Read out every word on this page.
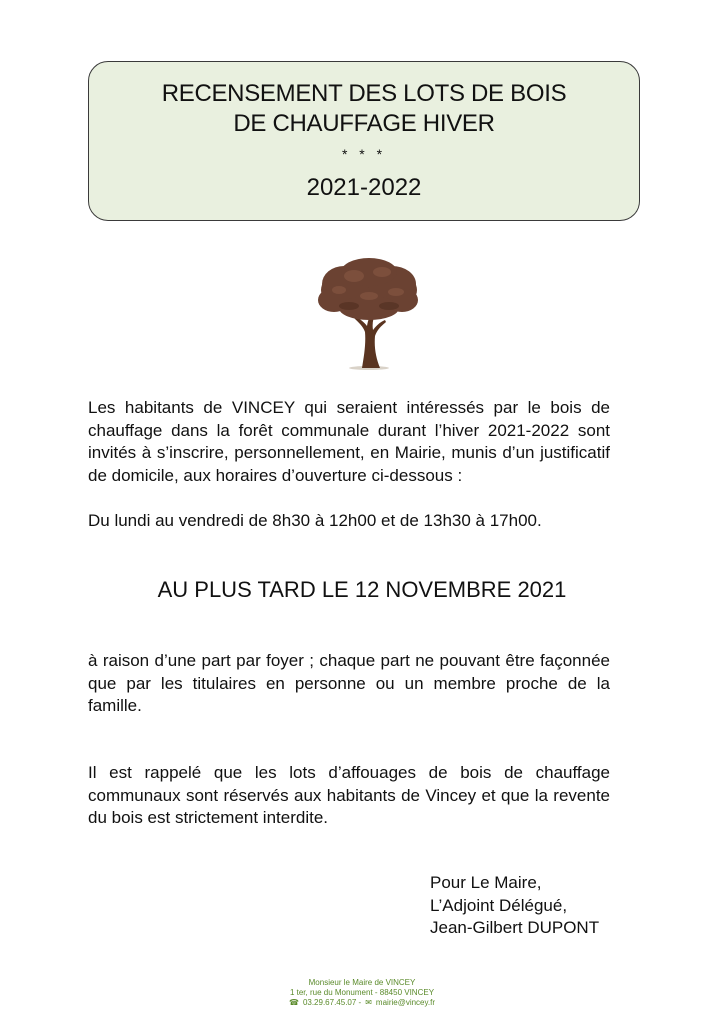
RECENSEMENT DES LOTS DE BOIS
DE CHAUFFAGE HIVER
* * *
2021-2022

Les habitants de VINCEY qui seraient intéressés par le bois de chauffage dans la forêt communale durant l’hiver 2021-2022 sont invités à s’inscrire, personnellement, en Mairie, munis d’un justificatif de domicile, aux horaires d’ouverture ci-dessous :

Du lundi au vendredi de 8h30 à 12h00 et de 13h30 à 17h00.

AU PLUS TARD LE 12 NOVEMBRE 2021

à raison d’une part par foyer ; chaque part ne pouvant être façonnée que par les titulaires en personne ou un membre proche de la famille.

Il est rappelé que les lots d’affouages de bois de chauffage communaux sont réservés aux habitants de Vincey et que la revente du bois est strictement interdite.

Pour Le Maire,
L’Adjoint Délégué,
Jean-Gilbert DUPONT
Monsieur le Maire de VINCEY
1 ter, rue du Monument - 88450 VINCEY
☎ 03.29.67.45.07 - ✉ mairie@vincey.fr
